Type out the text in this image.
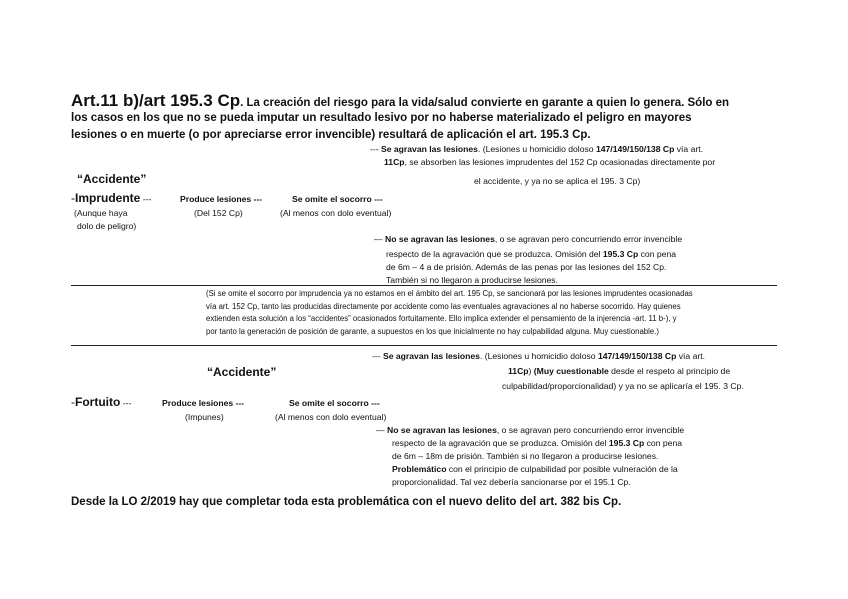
Art.11 b)/art 195.3 Cp. La creación del riesgo para la vida/salud convierte en garante a quien lo genera. Sólo en
los casos en los que no se pueda imputar un resultado lesivo por no haberse materializado el peligro en mayores
lesiones o en muerte (o por apreciarse error invencible) resultará de aplicación el art. 195.3 Cp.
--- Se agravan las lesiones. (Lesiones u homicidio doloso 147/149/150/138 Cp vía art.
11Cp, se absorben las lesiones imprudentes del 152 Cp ocasionadas directamente por
el accidente, y ya no se aplica el 195. 3 Cp)
“Accidente”
-Imprudente ---
(Aunque haya
dolo de peligro)
Produce lesiones ---
(Del 152 Cp)
Se omite el socorro ---
(Al menos con dolo eventual)
— No se agravan las lesiones, o se agravan pero concurriendo error invencible
respecto de la agravación que se produzca. Omisión del 195.3 Cp con pena
de 6m – 4 a de prisión. Además de las penas por las lesiones del 152 Cp.
También si no llegaron a producirse lesiones.
(Si se omite el socorro por imprudencia ya no estamos en el ámbito del art. 195 Cp, se sancionará por las lesiones imprudentes ocasionadas
vía art. 152 Cp, tanto las producidas directamente por accidente como las eventuales agravaciones al no haberse socorrido. Hay quienes
extienden esta solución a los “accidentes” ocasionados fortuitamente. Ello implica extender el pensamiento de la injerencia -art. 11 b-), y
por tanto la generación de posición de garante, a supuestos en los que inicialmente no hay culpabilidad alguna. Muy cuestionable.)
--- Se agravan las lesiones. (Lesiones u homicidio doloso 147/149/150/138 Cp vía art.
11Cp) (Muy cuestionable desde el respeto al principio de
culpabilidad/proporcionalidad) y ya no se aplicaría el 195. 3 Cp.
“Accidente”
-Fortuito ---	Produce lesiones ---
(Impunes)
Se omite el socorro ---
(Al menos con dolo eventual)
— No se agravan las lesiones, o se agravan pero concurriendo error invencible
respecto de la agravación que se produzca. Omisión del 195.3 Cp con pena
de 6m – 18m de prisión. También si no llegaron a producirse lesiones.
Problemático con el principio de culpabilidad por posible vulneración de la
proporcionalidad. Tal vez debería sancionarse por el 195.1 Cp.
Desde la LO 2/2019 hay que completar toda esta problemática con el nuevo delito del art. 382 bis Cp.
